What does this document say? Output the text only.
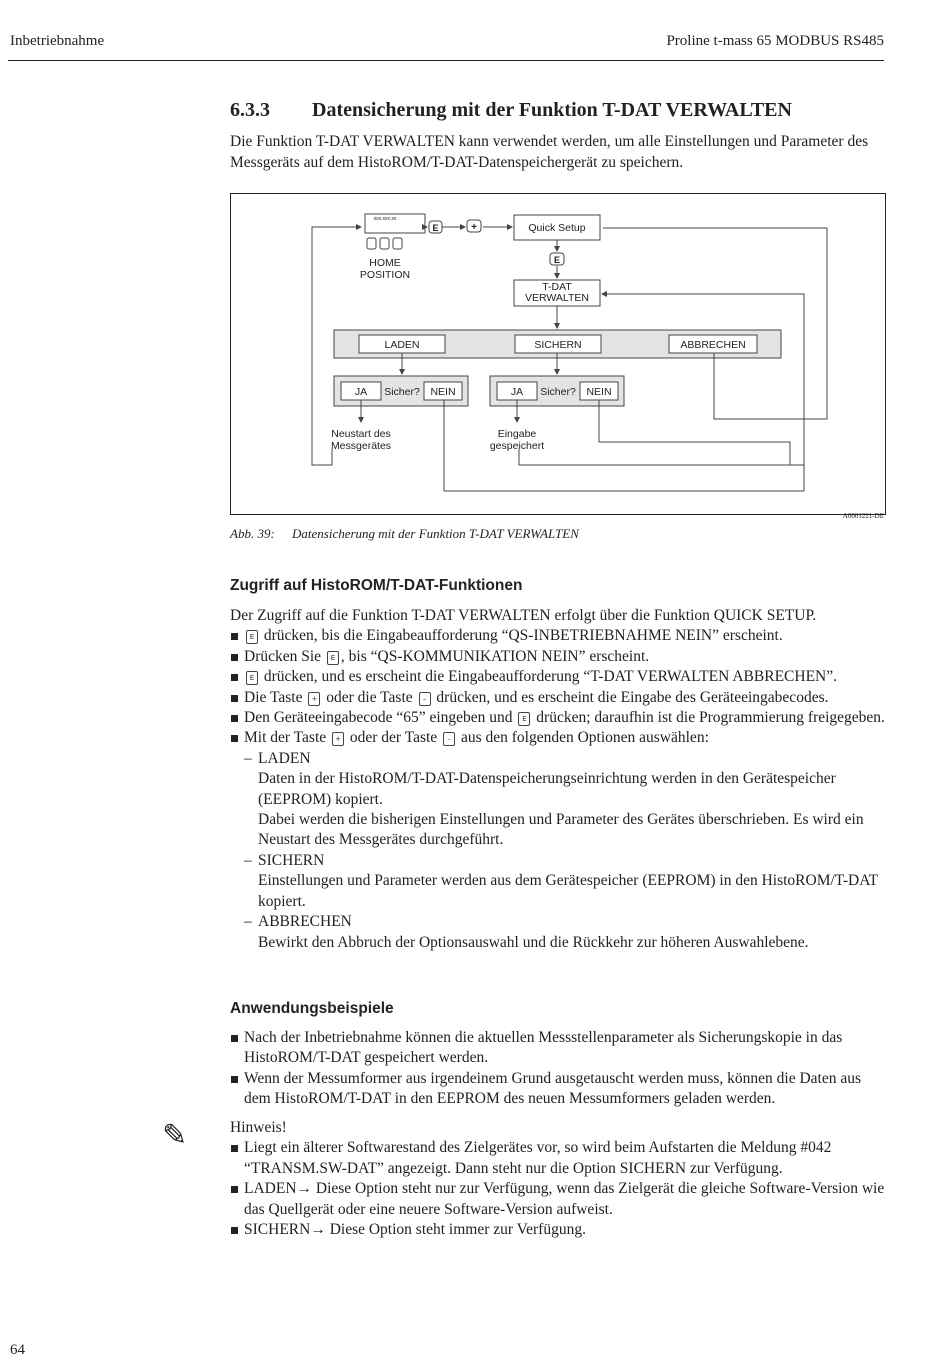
Inbetriebnahme	Proline t-mass 65 MODBUS RS485
6.3.3 Datensicherung mit der Funktion T-DAT VERWALTEN
Die Funktion T-DAT VERWALTEN kann verwendet werden, um alle Einstellungen und Parameter des Messgeräts auf dem HistoROM/T-DAT-Datenspeichergerät zu speichern.
xxx.xxx.xx
E	+
HOME
POSITION
Quick Setup
E
T-DAT
VERWALTEN
LADEN	SICHERN	ABBRECHEN
JA Sicher? NEIN	JA Sicher? NEIN
Neustart des
Messgerätes
Eingabe
gespeichert
A0001221-DE
Abb. 39: Datensicherung mit der Funktion T-DAT VERWALTEN
Zugriff auf HistoROM/T-DAT-Funktionen

Der Zugriff auf die Funktion T-DAT VERWALTEN erfolgt über die Funktion QUICK SETUP.

E drücken, bis die Eingabeaufforderung “QS-INBETRIEBNAHME NEIN” erscheint.

Drücken Sie E , bis “QS-KOMMUNIKATION NEIN” erscheint.

E drücken, und es erscheint die Eingabeaufforderung “T-DAT VERWALTEN ABBRECHEN”.

Die Taste + oder die Taste – drücken, und es erscheint die Eingabe des Geräteeingabecodes.

Den Geräteeingabecode “65” eingeben und E drücken; daraufhin ist die Programmierung freigegeben.

Mit der Taste + oder der Taste – aus den folgenden Optionen auswählen:

– LADEN

Daten in der HistoROM/T-DAT-Datenspeicherungseinrichtung werden in den Gerätespeicher (EEPROM) kopiert.

Dabei werden die bisherigen Einstellungen und Parameter des Gerätes überschrieben. Es wird ein Neustart des Messgerätes durchgeführt.

– SICHERN

Einstellungen und Parameter werden aus dem Gerätespeicher (EEPROM) in den HistoROM/T-DAT kopiert.

– ABBRECHEN

Bewirkt den Abbruch der Optionsauswahl und die Rückkehr zur höheren Auswahlebene.

Anwendungsbeispiele

Nach der Inbetriebnahme können die aktuellen Messstellenparameter als Sicherungskopie in das HistoROM/T-DAT gespeichert werden.

Wenn der Messumformer aus irgendeinem Grund ausgetauscht werden muss, können die Daten aus dem HistoROM/T-DAT in den EEPROM des neuen Messumformers geladen werden.

✎	Hinweis!

Liegt ein älterer Softwarestand des Zielgerätes vor, so wird beim Aufstarten die Meldung #042 “TRANSM.SW-DAT” angezeigt. Dann steht nur die Option SICHERN zur Verfügung.

LADEN→ Diese Option steht nur zur Verfügung, wenn das Zielgerät die gleiche Software-Version wie das Quellgerät oder eine neuere Software-Version aufweist.

SICHERN→ Diese Option steht immer zur Verfügung.

64
